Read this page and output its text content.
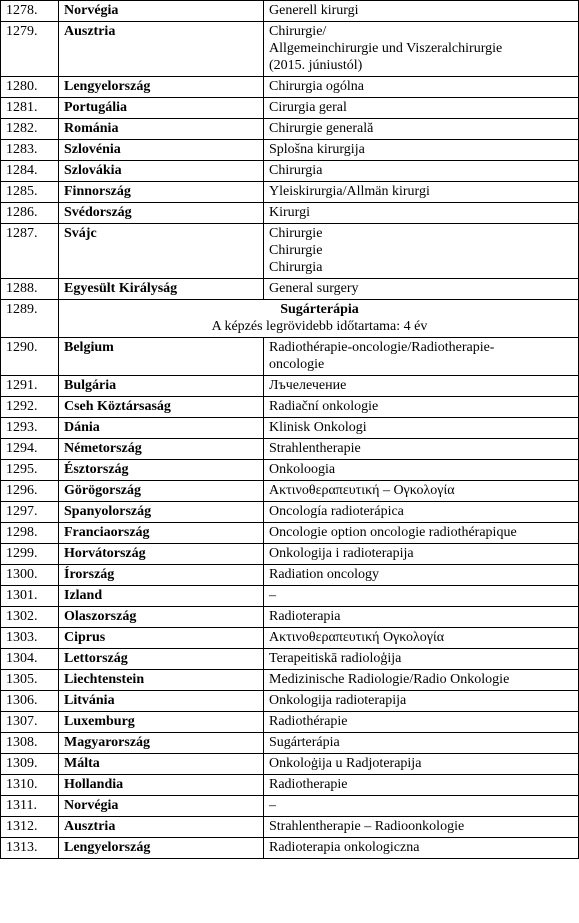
1278.	Norvégia	Generell kirurgi

1279.	Ausztria	Chirurgie/
Allgemeinchirurgie und Viszeralchirurgie
(2015. júniustól)

1280.	Lengyelország	Chirurgia ogólna

1281.	Portugália	Cirurgia geral

1282.	Románia	Chirurgie generală

1283.	Szlovénia	Splošna kirurgija

1284.	Szlovákia	Chirurgia

1285.	Finnország	Yleiskirurgia/Allmän kirurgi

1286.	Svédország	Kirurgi

1287.	Svájc	Chirurgie
Chirurgie
Chirurgia

1288.	Egyesült Királyság	General surgery

1289.	Sugárterápia
A képzés legrövidebb időtartama: 4 év	

1290.	Belgium	Radiothérapie-oncologie/Radiotherapie-
oncologie

1291.	Bulgária	Лъчелечение

1292.	Cseh Köztársaság	Radiační onkologie

1293.	Dánia	Klinisk Onkologi

1294.	Németország	Strahlentherapie

1295.	Észtország	Onkoloogia

1296.	Görögország	Ακτινοθεραπευτική – Ογκολογία

1297.	Spanyolország	Oncología radioterápica

1298.	Franciaország	Oncologie option oncologie radiothérapique

1299.	Horvátország	Onkologija i radioterapija

1300.	Írország	Radiation oncology

1301.	Izland	–

1302.	Olaszország	Radioterapia

1303.	Ciprus	Ακτινοθεραπευτική Ογκολογία

1304.	Lettország	Terapeitiskā radioloģija

1305.	Liechtenstein	Medizinische Radiologie/Radio Onkologie

1306.	Litvánia	Onkologija radioterapija

1307.	Luxemburg	Radiothérapie

1308.	Magyarország	Sugárterápia

1309.	Málta	Onkoloġija u Radjoterapija

1310.	Hollandia	Radiotherapie

1311.	Norvégia	–

1312.	Ausztria	Strahlentherapie – Radioonkologie

1313.	Lengyelország	Radioterapia onkologiczna
